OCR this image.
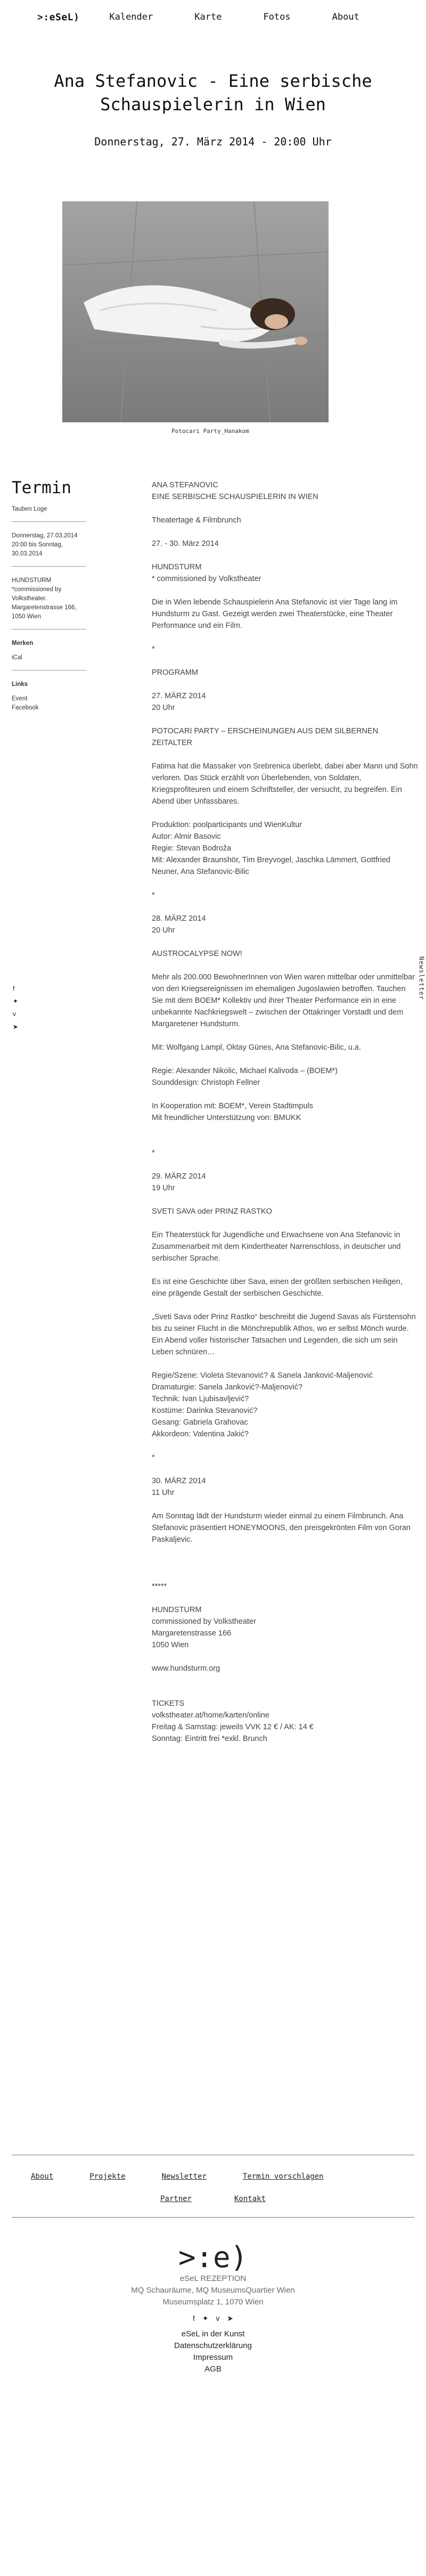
>:eSeL)	Kalender	Karte	Fotos	About
Ana Stefanovic - Eine serbische Schauspielerin in Wien
Donnerstag, 27. März 2014 - 20:00 Uhr
Potocari Party_Hanakom
Termin
Tauben Loge
Donnerstag, 27.03.2014 20:00 bis Sonntag, 30.03.2014
HUNDSTURM *commissioned by Volkstheater. Margaretenstrasse 166, 1050 Wien
Merken
iCal
Links
Event
Facebook
f
✦
v
➤
Newsletter
ANA STEFANOVIC
EINE SERBISCHE SCHAUSPIELERIN IN WIEN
Theatertage & Filmbrunch
27. - 30. März 2014
HUNDSTURM
* commissioned by Volkstheater

Die in Wien lebende Schauspielerin Ana Stefanovic ist vier Tage lang im Hundsturm zu Gast. Gezeigt werden zwei Theaterstücke, eine Theater Performance und ein Film.

*
PROGRAMM
27. MÄRZ 2014
20 Uhr
POTOCARI PARTY – ERSCHEINUNGEN AUS DEM SILBERNEN ZEITALTER

Fatima hat die Massaker von Srebrenica überlebt, dabei aber Mann und Sohn verloren. Das Stück erzählt von Überlebenden, von Soldaten, Kriegsprofiteuren und einem Schriftsteller, der versucht, zu begreifen. Ein Abend über Unfassbares.

Produktion: poolparticipants und WienKultur
Autor: Almir Basovic
Regie: Stevan Bodroža
Mit: Alexander Braunshör, Tim Breyvogel, Jaschka Lämmert, Gottfried Neuner, Ana Stefanovic-Bilic
*
28. MÄRZ 2014
20 Uhr
AUSTROCALYPSE NOW!

Mehr als 200.000 BewohnerInnen von Wien waren mittelbar oder unmittelbar von den Kriegsereignissen im ehemaligen Jugoslawien betroffen. Tauchen Sie mit dem BOEM* Kollektiv und ihrer Theater Performance ein in eine unbekannte Nachkriegswelt – zwischen der Ottakringer Vorstadt und dem Margaretener Hundsturm.

Mit: Wolfgang Lampl, Oktay Günes, Ana Stefanovic-Bilic, u.a.

Regie: Alexander Nikolic, Michael Kalivoda – (BOEM*)
Sounddesign: Christoph Fellner
In Kooperation mit: BOEM*, Verein Stadtimpuls
Mit freundlicher Unterstützung von: BMUKK
*
29. MÄRZ 2014
19 Uhr
SVETI SAVA oder PRINZ RASTKO

Ein Theaterstück für Jugendliche und Erwachsene von Ana Stefanovic in Zusammenarbeit mit dem Kindertheater Narrenschloss, in deutscher und serbischer Sprache.

Es ist eine Geschichte über Sava, einen der größten serbischen Heiligen, eine prägende Gestalt der serbischen Geschichte.

„Sveti Sava oder Prinz Rastko“ beschreibt die Jugend Savas als Fürstensohn bis zu seiner Flucht in die Mönchrepublik Athos, wo er selbst Mönch wurde.
Ein Abend voller historischer Tatsachen und Legenden, die sich um sein Leben schnüren…
Regie/Szene: Violeta Stevanović? & Sanela Janković-Maljenović
Dramaturgie: Sanela Janković?-Maljenović?
Technik: Ivan Ljubisavljević?
Kostüme: Darinka Stevanović?
Gesang: Gabriela Grahovac
Akkordeon: Valentina Jakić?
*
30. MÄRZ 2014
11 Uhr

Am Sonntag lädt der Hundsturm wieder einmal zu einem Filmbrunch. Ana Stefanovic präsentiert HONEYMOONS, den preisgekrönten Film von Goran Paskaljevic.

*****
HUNDSTURM
commissioned by Volkstheater
Margaretenstrasse 166
1050 Wien
www.hundsturm.org
TICKETS
volkstheater.at/home/karten/online
Freitag & Samstag: jeweils VVK 12 € / AK: 14 €
Sonntag: Eintritt frei *exkl. Brunch
About	Projekte	Newsletter	Termin vorschlagen
Partner	Kontakt
>:e)
eSeL REZEPTION
MQ Schauräume, MQ MuseumsQuartier Wien
Museumsplatz 1, 1070 Wien
f ✦ v ➤
eSeL in der Kunst
Datenschutzerklärung
Impressum
AGB
